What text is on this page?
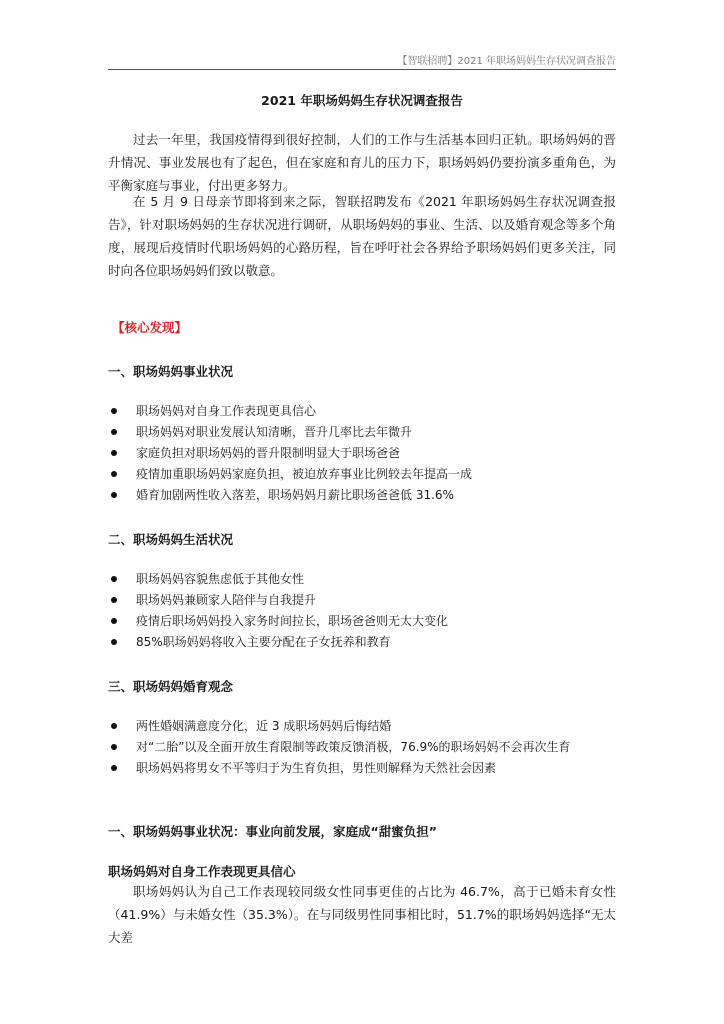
【智联招聘】2021 年职场妈妈生存状况调查报告
2021 年职场妈妈生存状况调查报告

过去一年里，我国疫情得到很好控制，人们的工作与生活基本回归正轨。职场妈妈的晋升情况、事业发展也有了起色，但在家庭和育儿的压力下，职场妈妈仍要扮演多重角色，为平衡家庭与事业，付出更多努力。

在 5 月 9 日母亲节即将到来之际，智联招聘发布《2021 年职场妈妈生存状况调查报告》，针对职场妈妈的生存状况进行调研，从职场妈妈的事业、生活、以及婚育观念等多个角度，展现后疫情时代职场妈妈的心路历程，旨在呼吁社会各界给予职场妈妈们更多关注，同时向各位职场妈妈们致以敬意。

【核心发现】
一、职场妈妈事业状况
职场妈妈对自身工作表现更具信心
职场妈妈对职业发展认知清晰，晋升几率比去年微升
家庭负担对职场妈妈的晋升限制明显大于职场爸爸
疫情加重职场妈妈家庭负担，被迫放弃事业比例较去年提高一成
婚育加剧两性收入落差，职场妈妈月薪比职场爸爸低 31.6%
二、职场妈妈生活状况
职场妈妈容貌焦虑低于其他女性
职场妈妈兼顾家人陪伴与自我提升
疫情后职场妈妈投入家务时间拉长，职场爸爸则无太大变化
85%职场妈妈将收入主要分配在子女抚养和教育
三、职场妈妈婚育观念
两性婚姻满意度分化，近 3 成职场妈妈后悔结婚
对“二胎”以及全面开放生育限制等政策反馈消极，76.9%的职场妈妈不会再次生育
职场妈妈将男女不平等归于为生育负担，男性则解释为天然社会因素
一、职场妈妈事业状况：事业向前发展，家庭成“甜蜜负担”
职场妈妈对自身工作表现更具信心

职场妈妈认为自己工作表现较同级女性同事更佳的占比为 46.7%，高于已婚未育女性（41.9%）与未婚女性（35.3%）。在与同级男性同事相比时，51.7%的职场妈妈选择“无太大差
